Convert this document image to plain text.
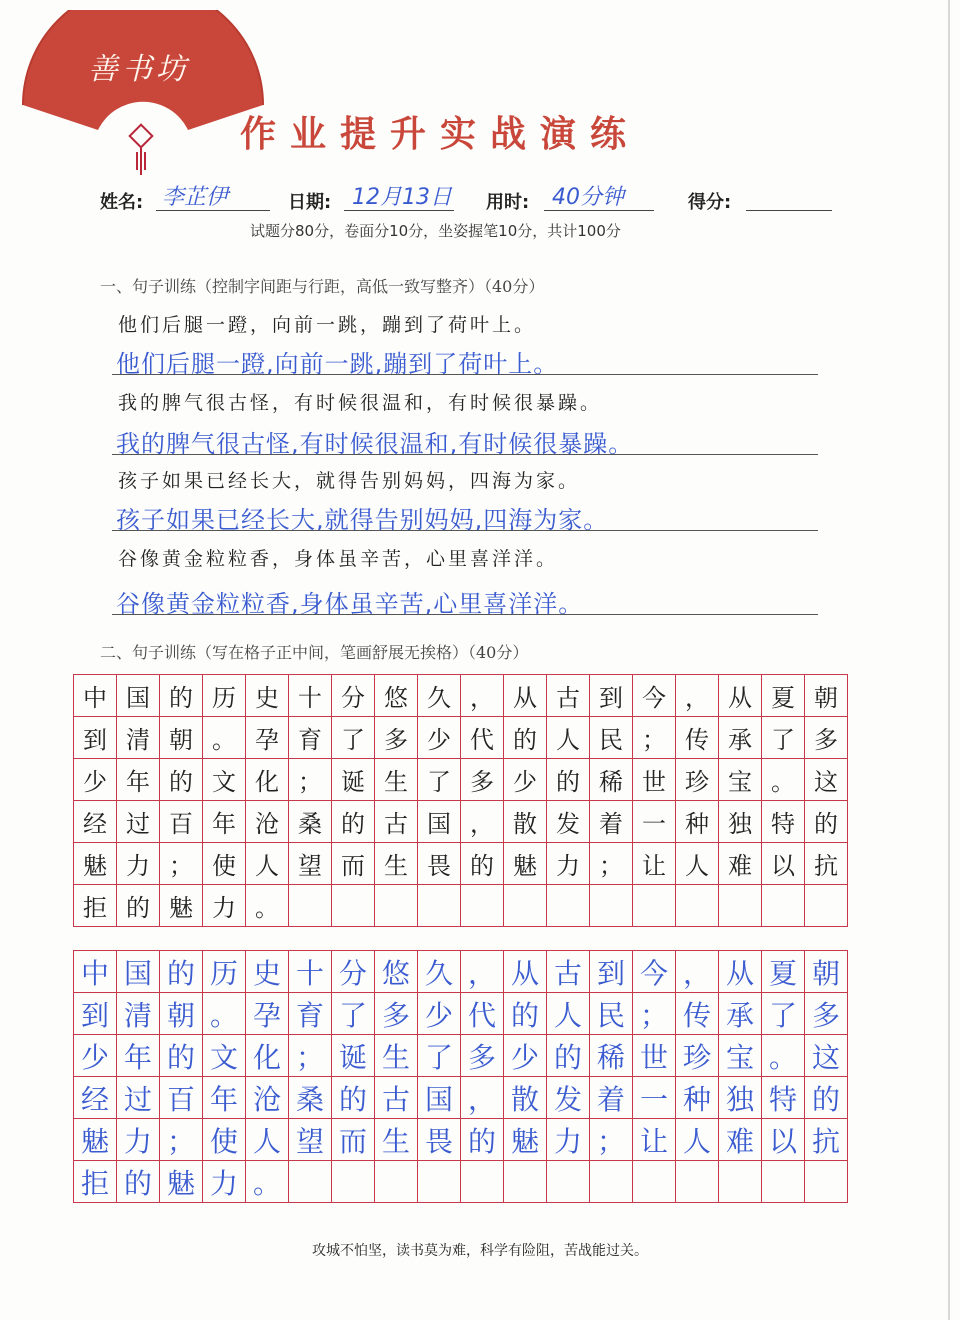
善书坊
作业提升实战演练
姓名: 李芷伊	日期: 12月13日 用时: 40分钟	得分:
试题分80分，卷面分10分，坐姿握笔10分，共计100分
一、句子训练（控制字间距与行距，高低一致写整齐）（40分）
他们后腿一蹬，向前一跳，蹦到了荷叶上。
他们后腿一蹬,向前一跳,蹦到了荷叶上。
我的脾气很古怪，有时候很温和，有时候很暴躁。
我的脾气很古怪,有时候很温和,有时候很暴躁。
孩子如果已经长大，就得告别妈妈，四海为家。
孩子如果已经长大,就得告别妈妈,四海为家。
谷像黄金粒粒香，身体虽辛苦，心里喜洋洋。
谷像黄金粒粒香,身体虽辛苦,心里喜洋洋。
二、句子训练（写在格子正中间，笔画舒展无挨格）（40分）
中	国	的	历	史	十	分	悠	久	，	从	古	到	今	，	从	夏	朝
到	清	朝	。	孕	育	了	多	少	代	的	人	民	；	传	承	了	多
少	年	的	文	化	；	诞	生	了	多	少	的	稀	世	珍	宝	。	这
经	过	百	年	沧	桑	的	古	国	，	散	发	着	一	种	独	特	的
魅	力	；	使	人	望	而	生	畏	的	魅	力	；	让	人	难	以	抗
拒	的	魅	力	。													
中	国	的	历	史	十	分	悠	久	，	从	古	到	今	，	从	夏	朝
到	清	朝	。	孕	育	了	多	少	代	的	人	民	；	传	承	了	多
少	年	的	文	化	；	诞	生	了	多	少	的	稀	世	珍	宝	。	这
经	过	百	年	沧	桑	的	古	国	，	散	发	着	一	种	独	特	的
魅	力	；	使	人	望	而	生	畏	的	魅	力	；	让	人	难	以	抗
拒	的	魅	力	。													
攻城不怕坚，读书莫为难，科学有险阻，苦战能过关。
